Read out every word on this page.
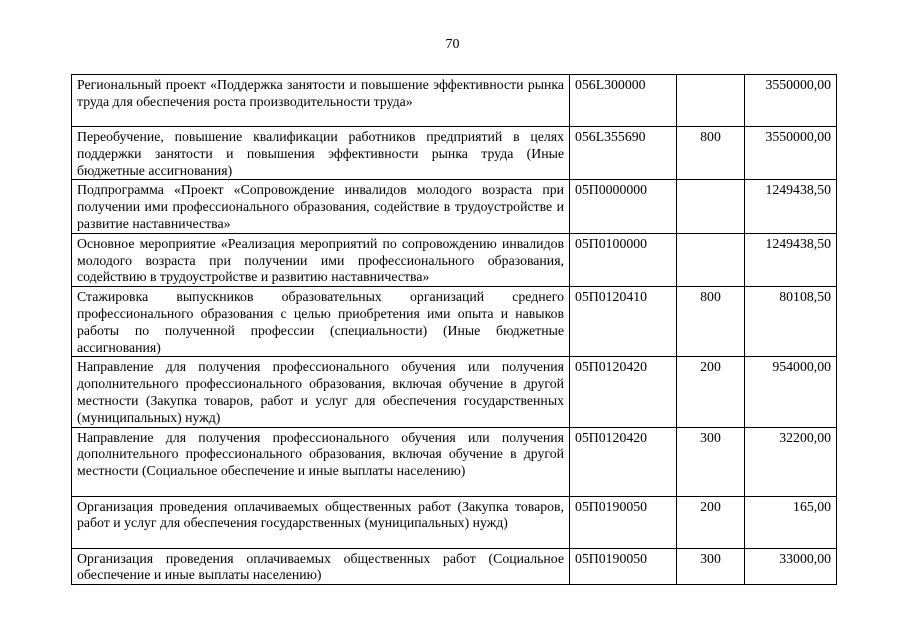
70
Региональный проект «Поддержка занятости и повышение эффективности рынка труда для обеспечения роста производительности труда»	056L300000		3550000,00
Переобучение, повышение квалификации работников предприятий в целях поддержки занятости и повышения эффективности рынка труда (Иные бюджетные ассигнования)	056L355690	800	3550000,00
Подпрограмма «Проект «Сопровождение инвалидов молодого возраста при получении ими профессионального образования, содействие в трудоустройстве и развитие наставничества»	05П0000000		1249438,50
Основное мероприятие «Реализация мероприятий по сопровождению инвалидов молодого возраста при получении ими профессионального образования, содействию в трудоустройстве и развитию наставничества»	05П0100000		1249438,50
Стажировка выпускников образовательных организаций среднего профессионального образования с целью приобретения ими опыта и навыков работы по полученной профессии (специальности) (Иные бюджетные ассигнования)	05П0120410	800	80108,50
Направление для получения профессионального обучения или получения дополнительного профессионального образования, включая обучение в другой местности (Закупка товаров, работ и услуг для обеспечения государственных (муниципальных) нужд)	05П0120420	200	954000,00
Направление для получения профессионального обучения или получения дополнительного профессионального образования, включая обучение в другой местности (Социальное обеспечение и иные выплаты населению)	05П0120420	300	32200,00
Организация проведения оплачиваемых общественных работ (Закупка товаров, работ и услуг для обеспечения государственных (муниципальных) нужд)	05П0190050	200	165,00
Организация проведения оплачиваемых общественных работ (Социальное обеспечение и иные выплаты населению)	05П0190050	300	33000,00
